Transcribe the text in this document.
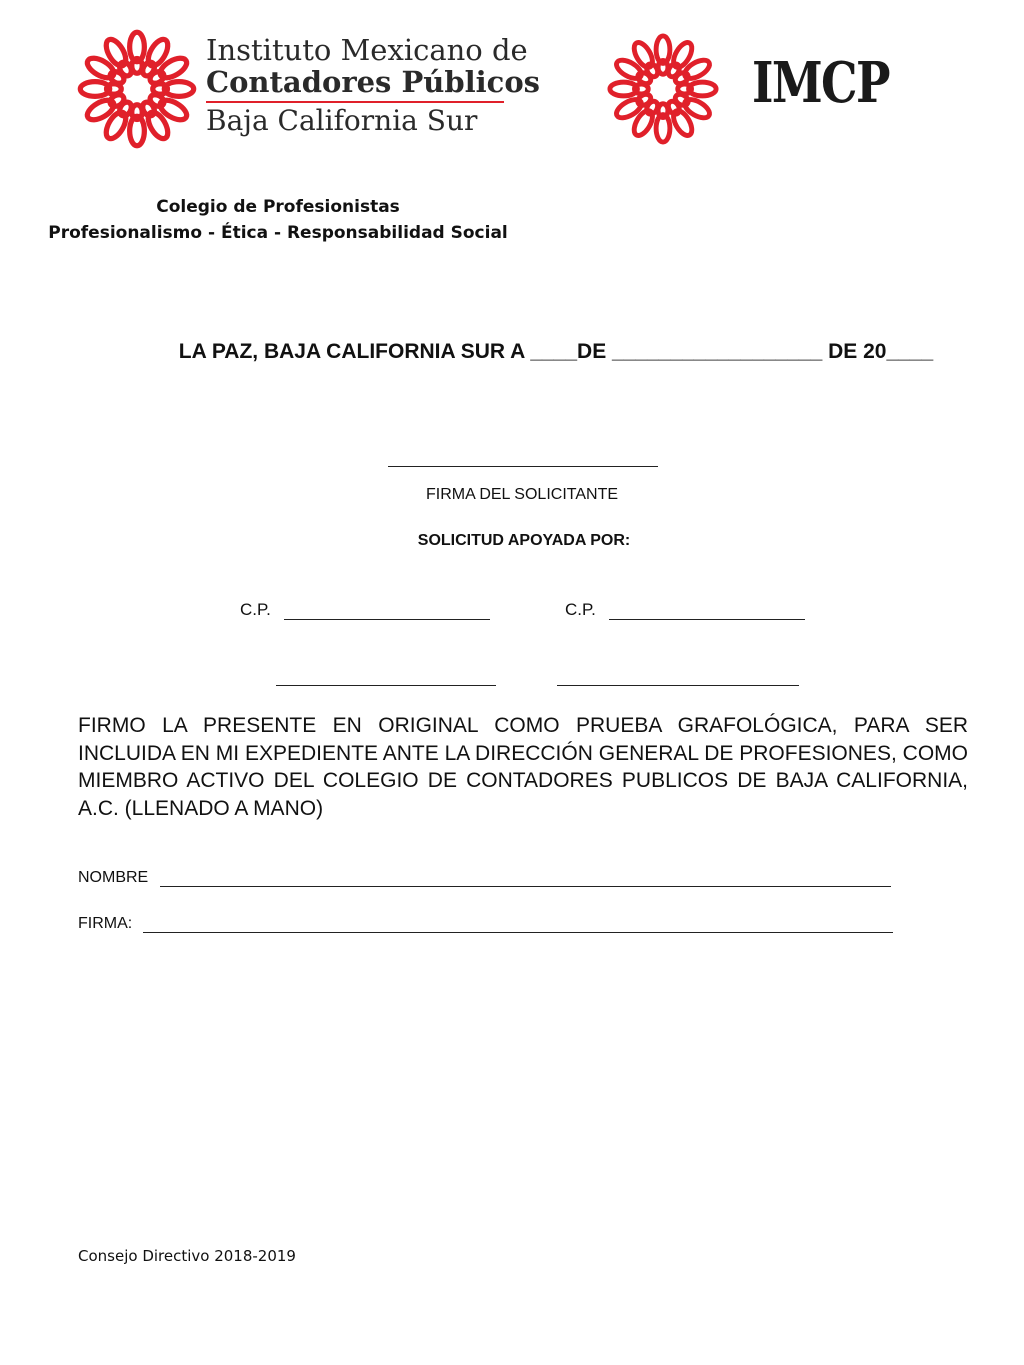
Instituto Mexicano de
Contadores Públicos
Baja California Sur
IMCP
Colegio de Profesionistas
Profesionalismo - Ética - Responsabilidad Social
LA PAZ, BAJA CALIFORNIA SUR A ____DE __________________ DE 20____
FIRMA DEL SOLICITANTE
SOLICITUD APOYADA POR:
C.P.	C.P.
FIRMO LA PRESENTE EN ORIGINAL COMO PRUEBA GRAFOLÓGICA, PARA SER INCLUIDA EN MI EXPEDIENTE ANTE LA DIRECCIÓN GENERAL DE PROFESIONES, COMO MIEMBRO ACTIVO DEL COLEGIO DE CONTADORES PUBLICOS DE BAJA CALIFORNIA, A.C. (LLENADO A MANO)
NOMBRE
FIRMA:
Consejo Directivo 2018-2019
